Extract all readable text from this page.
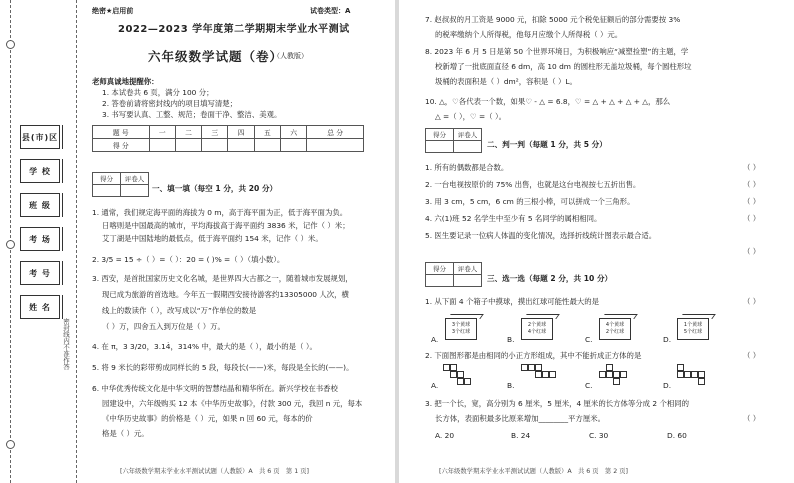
县(市)区
学 校
班 级
考 场
考 号
姓 名
密封线内不准作答
绝密★启用前	试卷类型：A
2022—2023 学年度第二学期期末学业水平测试
六年级数学试题（卷）
（人教版）
老师真诚地提醒你：
1. 本试卷共 6 页，满分 100 分；
2. 答卷前请将密封线内的项目填写清楚；
3. 书写要认真、工整、规范；卷面干净、整洁、美观。
题 号	一	二	三	四	五	六	总 分
得 分							
得分	评卷人

一、填一填（每空 1 分，共 20 分）
1. 通常，我们规定海平面的海拔为 0 m，高于海平面为正，低于海平面为负。
日喀则是中国最高的城市，平均海拔高于海平面约 3836 米，记作（ ）米；
艾丁湖是中国陆地的最低点，低于海平面约 154 米，记作（ ）米。
2. 3/5 = 15 ÷（ ）=（ ）：20 = ( )% =（ ）（填小数）。
3. 西安，是首批国家历史文化名城，是世界四大古都之一，随着城市发展规划，
现已成为旅游的首选地。今年五一假期西安接待游客约13305000 人次，横
线上的数读作（ ），改写成以“万”作单位的数是
（ ）万，四舍五入到万位是（ ）万。
4. 在 π，3 3/20，3.14̇，314% 中，最大的是（ ），最小的是（ ）。
5. 将 9 米长的彩带剪成同样长的 5 段，每段长(——)米，每段是全长的(——)。
6. 中华优秀传统文化是中华文明的智慧结晶和精华所在。新兴学校在书香校
园建设中，六年级购买 12 本《中华历史故事》，付款 300 元，我回 n 元，每本
《中华历史故事》的价格是（ ）元，如果 n 回 60 元，每本的价
格是（ ）元。
[六年级数学期末学业水平测试试题（人教版）A　共 6 页　第 1 页]
7. 赵叔叔的月工资是 9000 元，扣除 5000 元个税免征额后的部分需要按 3%
的税率缴纳个人所得税，他每月应缴个人所得税（ ）元。
8. 2023 年 6 月 5 日是第 50 个世界环境日，为积极响应“减塑捡塑”的主题，学
校新增了一批底面直径 6 dm，高 10 dm 的圆柱形无盖垃圾桶，每个圆柱形垃
圾桶的表面积是（ ）dm²，容积是（ ）L。
10. △，♡各代表一个数，如果♡ - △ = 6.8，♡ = △ + △ + △ + △，那么
△ =（ ），♡ =（ ）。
得分	评卷人

二、判一判（每题 1 分，共 5 分）
1. 所有的偶数都是合数。	（ ）
2. 一台电视按原价的 75% 出售，也就是这台电视按七五折出售。	（ ）
3. 用 3 cm，5 cm，6 cm 的三根小棒，可以拼成一个三角形。	（ ）
4. 六(1)班 52 名学生中至少有 5 名同学的属相相同。	（ ）
5. 医生要记录一位病人体温的变化情况，选择折线统计图表示最合适。
（ ）
得分	评卷人

三、选一选（每题 2 分，共 10 分）
1. 从下面 4 个箱子中摸球，摸出红球可能性最大的是	（ ）
3个黄球
3个红球
2个黄球
4个红球
4个黄球
2个红球
1个黄球
5个红球
A.	B.	C.	D.
2. 下面图形都是由相同的小正方形组成，其中不能折成正方体的是	（ ）
A.	B.	C.	D.
3. 把一个长，宽，高分别为 6 厘米，5 厘米，4 厘米的长方体等分成 2 个相同的
长方体，表面积最多比原来增加________平方厘米。	（ ）
A. 20	B. 24	C. 30	D. 60
[六年级数学期末学业水平测试试题（人教版）A　共 6 页　第 2 页]
